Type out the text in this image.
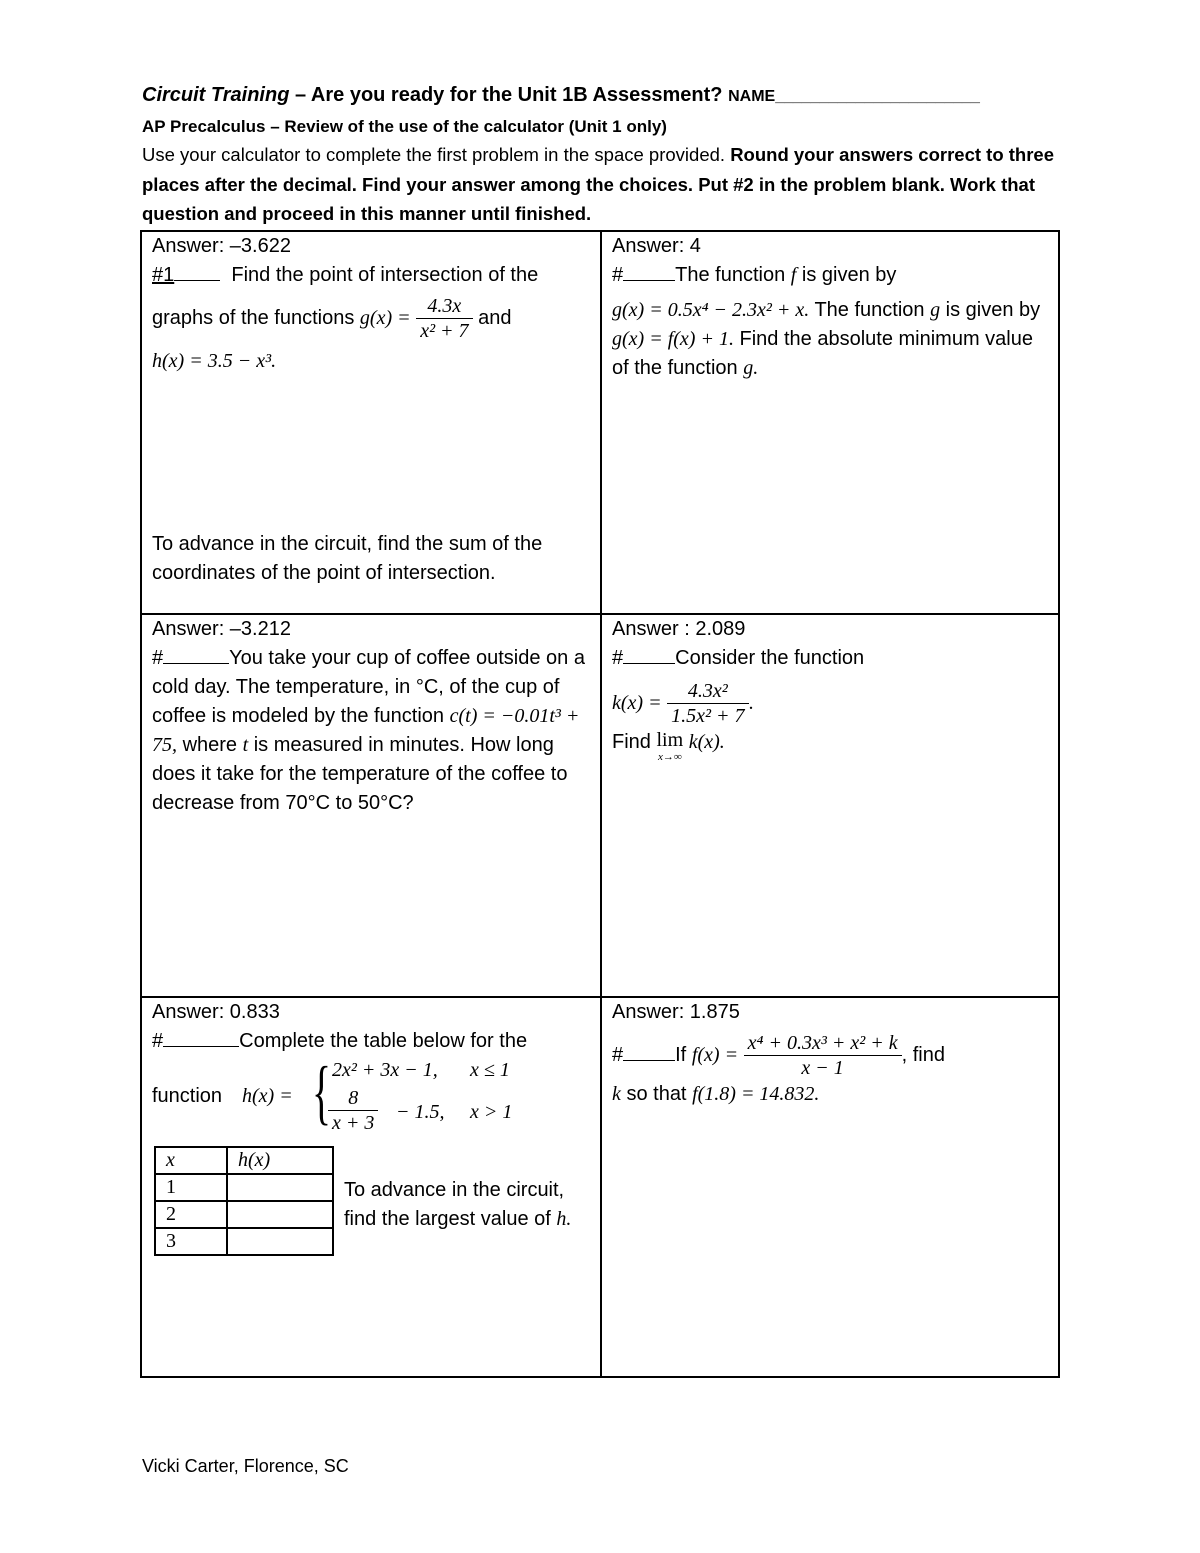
Circuit Training – Are you ready for the Unit 1B Assessment? NAME_______________________
AP Precalculus – Review of the use of the calculator (Unit 1 only)
Use your calculator to complete the first problem in the space provided. Round your answers correct to three places after the decimal. Find your answer among the choices. Put #2 in the problem blank. Work that question and proceed in this manner until finished.
Answer: –3.622
#1	Find the point of intersection of the
graphs of the functions $g(x) = \frac{4.3x}{\text{x² + 7}}$ and
h(x) = 3.5 − x³.
To advance in the circuit, find the sum of the coordinates of the point of intersection.
Answer: 4
#	The function f is given by
g(x) = 0.5x⁴ − 2.3x² + x. The function g is given by g(x) = f(x) + 1. Find the absolute minimum value of the function g.
Answer: –3.212
#	You take your cup of coffee outside on a cold day. The temperature, in °C, of the cup of coffee is modeled by the function c(t) = −0.01t³ + 75, where t is measured in minutes. How long does it take for the temperature of the coffee to decrease from 70°C to 50°C?
Answer : 2.089
#	Consider the function
$k(x) = \frac{\text{4.3x²}}{\text{1.5x² + 7}}$ .
Find lim
x→∞
k(x).
Answer: 0.833
#	Complete the table below for the
function h(x) = { 2x² + 3x − 1, x ≤ 1
$\frac{8}{x + 3} - 1.5$, x > 1
x	h(x)
1	
2	
3	
To advance in the circuit, find the largest value of h.
Answer: 1.875
#	If $f(x) = \frac{\text{x⁴ + 0.3x³ + x² + k}}{x - 1}$ , find
k so that f(1.8) = 14.832.
Vicki Carter, Florence, SC
